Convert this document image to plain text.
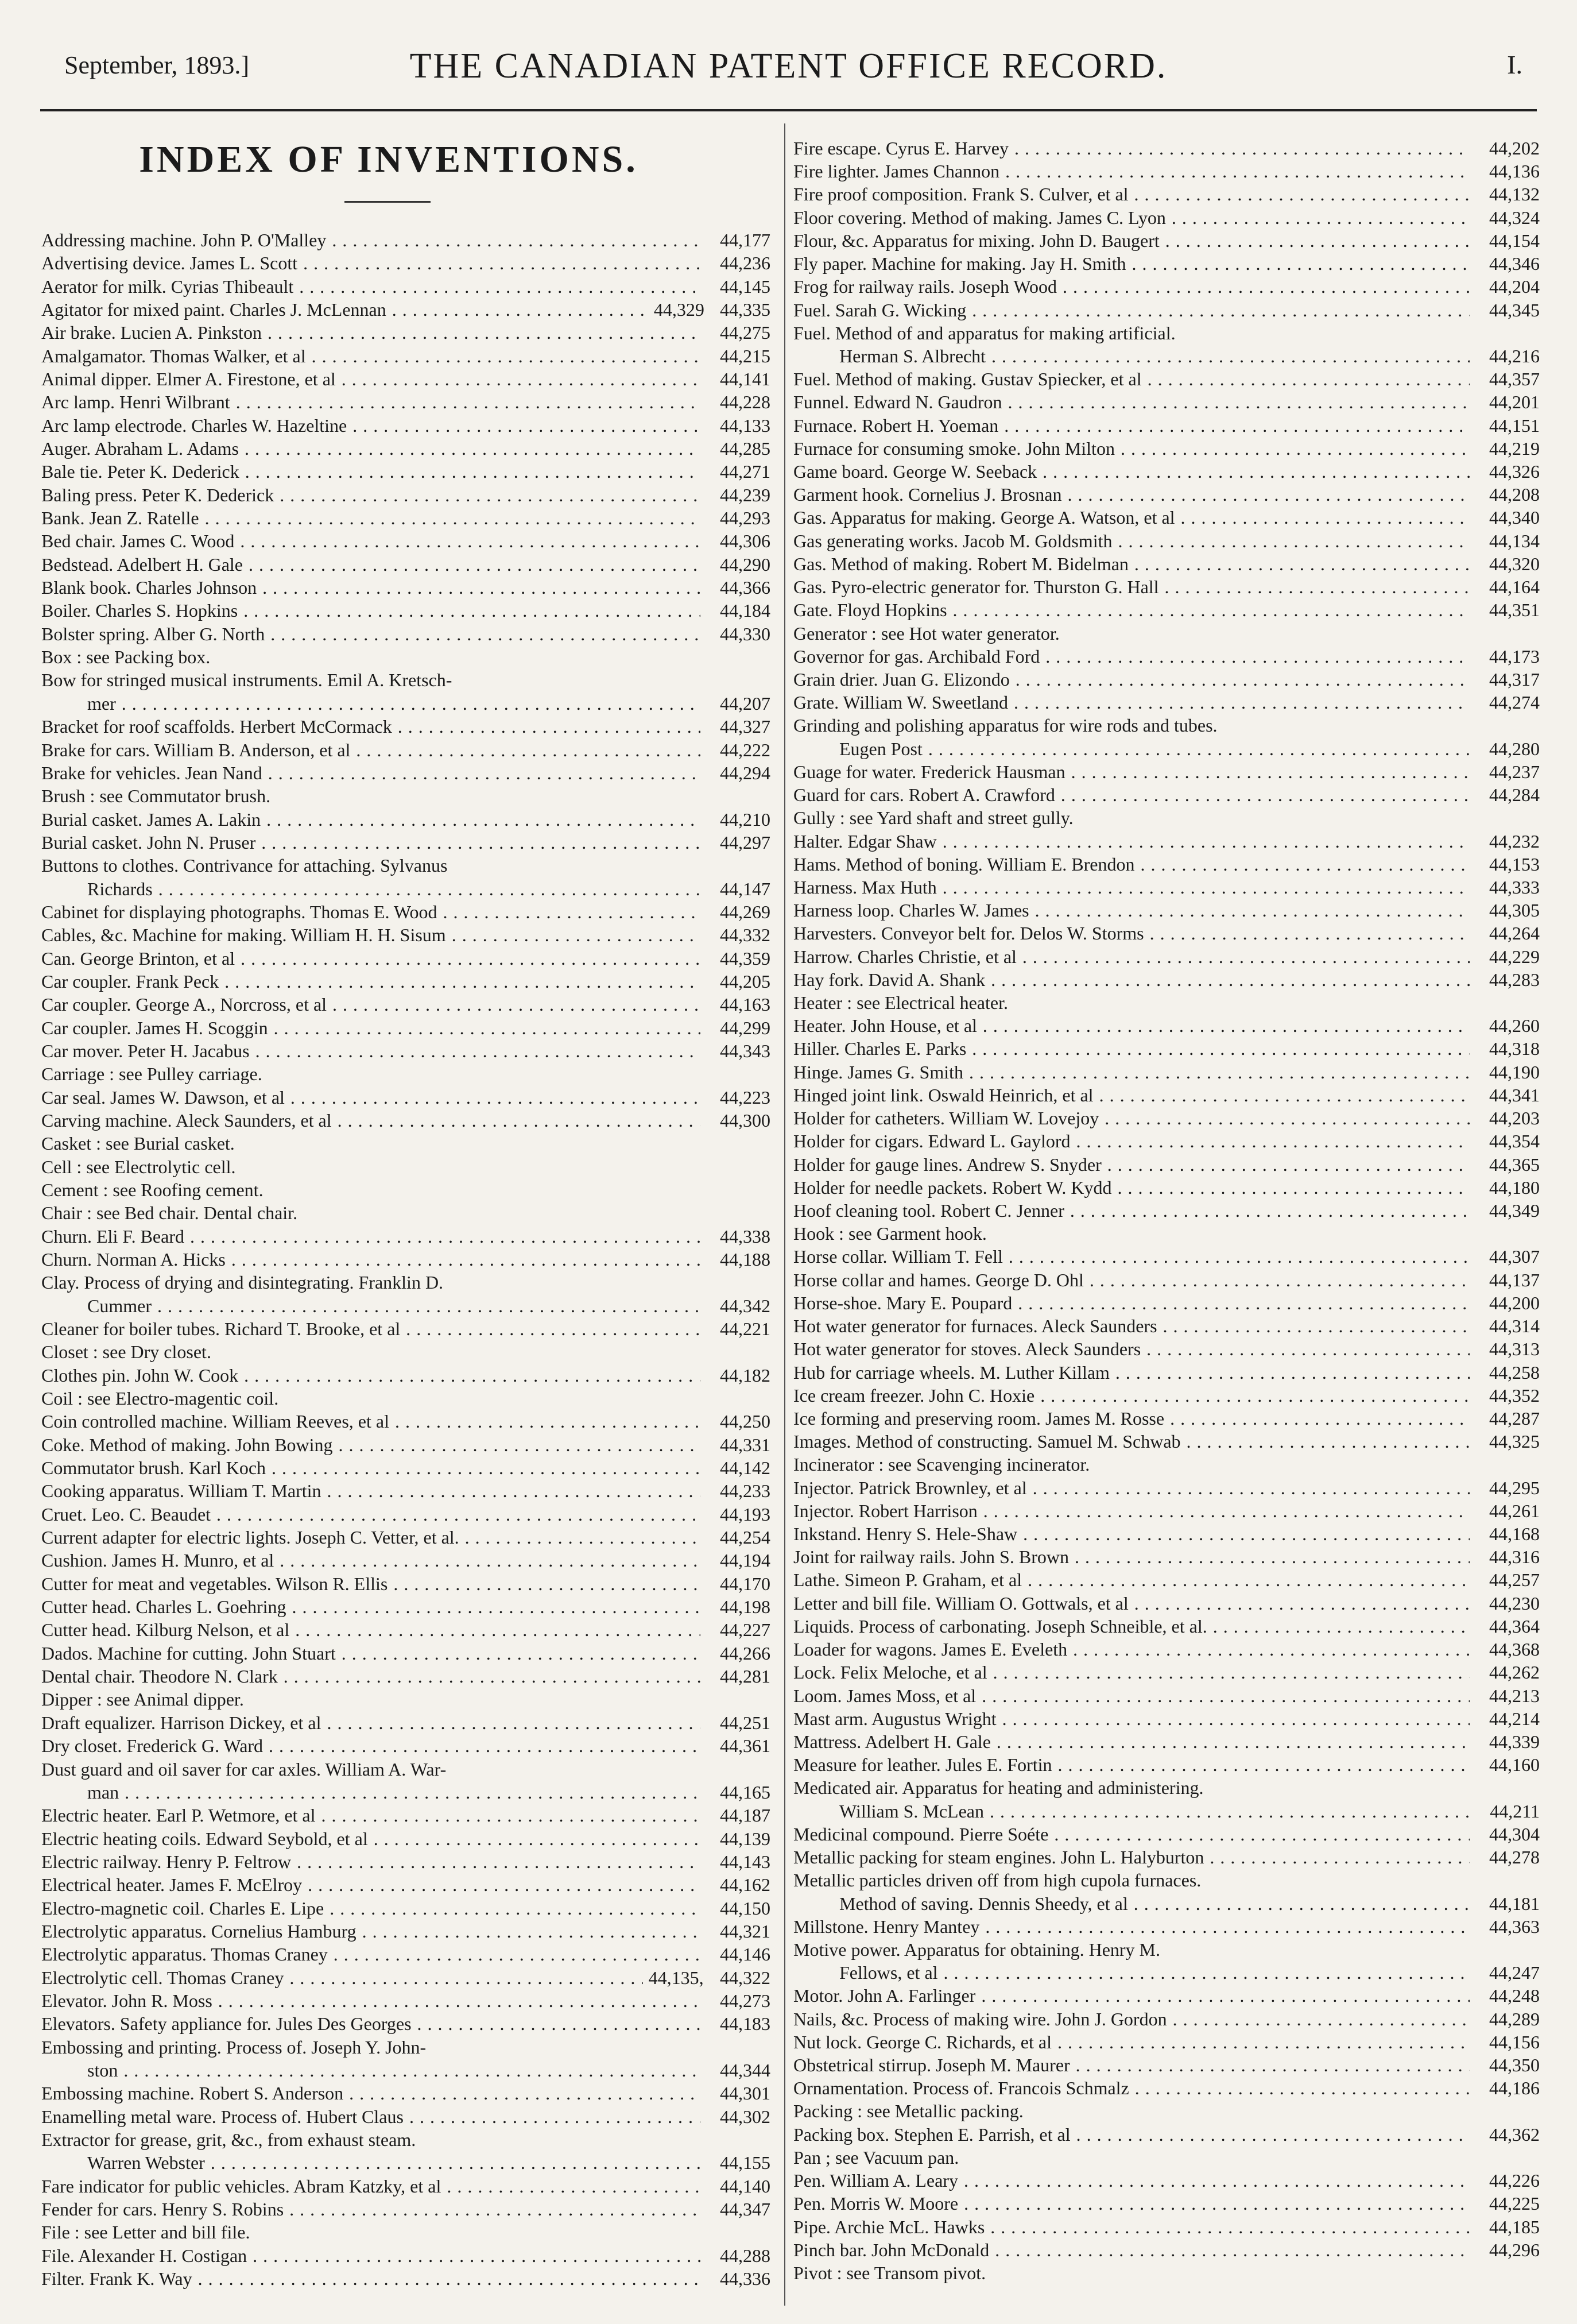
September, 1893.]	THE CANADIAN PATENT OFFICE RECORD.	I.
INDEX OF INVENTIONS.
Addressing machine. John P. O'Malley . . .	44,177
Advertising device. James L. Scott . . .	44,236
Aerator for milk. Cyrias Thibeault . . .	44,145
Agitator for mixed paint. Charles J. McLennan . . .	44,329 44,335
Air brake. Lucien A. Pinkston . . .	44,275
Amalgamator. Thomas Walker, et al . . .	44,215
Animal dipper. Elmer A. Firestone, et al . . .	44,141
Arc lamp. Henri Wilbrant . . .	44,228
Arc lamp electrode. Charles W. Hazeltine . . .	44,133
Auger. Abraham L. Adams . . .	44,285
Bale tie. Peter K. Dederick . . .	44,271
Baling press. Peter K. Dederick . . .	44,239
Bank. Jean Z. Ratelle . . .	44,293
Bed chair. James C. Wood . . .	44,306
Bedstead. Adelbert H. Gale . . .	44,290
Blank book. Charles Johnson . . .	44,366
Boiler. Charles S. Hopkins . . .	44,184
Bolster spring. Alber G. North . . .	44,330
Box : see Packing box.
Bow for stringed musical instruments. Emil A. Kretsch-
mer . . .	44,207
Bracket for roof scaffolds. Herbert McCormack . . .	44,327
Brake for cars. William B. Anderson, et al . . .	44,222
Brake for vehicles. Jean Nand . . .	44,294
Brush : see Commutator brush.
Burial casket. James A. Lakin . . .	44,210
Burial casket. John N. Pruser . . .	44,297
Buttons to clothes. Contrivance for attaching. Sylvanus
Richards . . .	44,147
Cabinet for displaying photographs. Thomas E. Wood . . .	44,269
Cables, &c. Machine for making. William H. H. Sisum . . .	44,332
Can. George Brinton, et al . . .	44,359
Car coupler. Frank Peck . . .	44,205
Car coupler. George A., Norcross, et al . . .	44,163
Car coupler. James H. Scoggin . . .	44,299
Car mover. Peter H. Jacabus . . .	44,343
Carriage : see Pulley carriage.
Car seal. James W. Dawson, et al . . .	44,223
Carving machine. Aleck Saunders, et al . . .	44,300
Casket : see Burial casket.
Cell : see Electrolytic cell.
Cement : see Roofing cement.
Chair : see Bed chair. Dental chair.
Churn. Eli F. Beard . . .	44,338
Churn. Norman A. Hicks . . .	44,188
Clay. Process of drying and disintegrating. Franklin D.
Cummer . . .	44,342
Cleaner for boiler tubes. Richard T. Brooke, et al . . .	44,221
Closet : see Dry closet.
Clothes pin. John W. Cook . . .	44,182
Coil : see Electro-magentic coil.
Coin controlled machine. William Reeves, et al . . .	44,250
Coke. Method of making. John Bowing . . .	44,331
Commutator brush. Karl Koch . . .	44,142
Cooking apparatus. William T. Martin . . .	44,233
Cruet. Leo. C. Beaudet . . .	44,193
Current adapter for electric lights. Joseph C. Vetter, et al. . . .	44,254
Cushion. James H. Munro, et al . . .	44,194
Cutter for meat and vegetables. Wilson R. Ellis . . .	44,170
Cutter head. Charles L. Goehring . . .	44,198
Cutter head. Kilburg Nelson, et al . . .	44,227
Dados. Machine for cutting. John Stuart . . .	44,266
Dental chair. Theodore N. Clark . . .	44,281
Dipper : see Animal dipper.
Draft equalizer. Harrison Dickey, et al . . .	44,251
Dry closet. Frederick G. Ward . . .	44,361
Dust guard and oil saver for car axles. William A. War-
man . . .	44,165
Electric heater. Earl P. Wetmore, et al . . .	44,187
Electric heating coils. Edward Seybold, et al . . .	44,139
Electric railway. Henry P. Feltrow . . .	44,143
Electrical heater. James F. McElroy . . .	44,162
Electro-magnetic coil. Charles E. Lipe . . .	44,150
Electrolytic apparatus. Cornelius Hamburg . . .	44,321
Electrolytic apparatus. Thomas Craney . . .	44,146
Electrolytic cell. Thomas Craney . . .	44,135, 44,322
Elevator. John R. Moss . . .	44,273
Elevators. Safety appliance for. Jules Des Georges . . .	44,183
Embossing and printing. Process of. Joseph Y. John-
ston . . .	44,344
Embossing machine. Robert S. Anderson . . .	44,301
Enamelling metal ware. Process of. Hubert Claus . . .	44,302
Extractor for grease, grit, &c., from exhaust steam.
Warren Webster . . .	44,155
Fare indicator for public vehicles. Abram Katzky, et al . . .	44,140
Fender for cars. Henry S. Robins . . .	44,347
File : see Letter and bill file.
File. Alexander H. Costigan . . .	44,288
Filter. Frank K. Way . . .	44,336
Fire escape. Cyrus E. Harvey . . .	44,202
Fire lighter. James Channon . . .	44,136
Fire proof composition. Frank S. Culver, et al . . .	44,132
Floor covering. Method of making. James C. Lyon . . .	44,324
Flour, &c. Apparatus for mixing. John D. Baugert . . .	44,154
Fly paper. Machine for making. Jay H. Smith . . .	44,346
Frog for railway rails. Joseph Wood . . .	44,204
Fuel. Sarah G. Wicking . . .	44,345
Fuel. Method of and apparatus for making artificial.
Herman S. Albrecht . . .	44,216
Fuel. Method of making. Gustav Spiecker, et al . . .	44,357
Funnel. Edward N. Gaudron . . .	44,201
Furnace. Robert H. Yoeman . . .	44,151
Furnace for consuming smoke. John Milton . . .	44,219
Game board. George W. Seeback . . .	44,326
Garment hook. Cornelius J. Brosnan . . .	44,208
Gas. Apparatus for making. George A. Watson, et al . . .	44,340
Gas generating works. Jacob M. Goldsmith . . .	44,134
Gas. Method of making. Robert M. Bidelman . . .	44,320
Gas. Pyro-electric generator for. Thurston G. Hall . . .	44,164
Gate. Floyd Hopkins . . .	44,351
Generator : see Hot water generator.
Governor for gas. Archibald Ford . . .	44,173
Grain drier. Juan G. Elizondo . . .	44,317
Grate. William W. Sweetland . . .	44,274
Grinding and polishing apparatus for wire rods and tubes.
Eugen Post . . .	44,280
Guage for water. Frederick Hausman . . .	44,237
Guard for cars. Robert A. Crawford . . .	44,284
Gully : see Yard shaft and street gully.
Halter. Edgar Shaw . . .	44,232
Hams. Method of boning. William E. Brendon . . .	44,153
Harness. Max Huth . . .	44,333
Harness loop. Charles W. James . . .	44,305
Harvesters. Conveyor belt for. Delos W. Storms . . .	44,264
Harrow. Charles Christie, et al . . .	44,229
Hay fork. David A. Shank . . .	44,283
Heater : see Electrical heater.
Heater. John House, et al . . .	44,260
Hiller. Charles E. Parks . . .	44,318
Hinge. James G. Smith . . .	44,190
Hinged joint link. Oswald Heinrich, et al . . .	44,341
Holder for catheters. William W. Lovejoy . . .	44,203
Holder for cigars. Edward L. Gaylord . . .	44,354
Holder for gauge lines. Andrew S. Snyder . . .	44,365
Holder for needle packets. Robert W. Kydd . . .	44,180
Hoof cleaning tool. Robert C. Jenner . . .	44,349
Hook : see Garment hook.
Horse collar. William T. Fell . . .	44,307
Horse collar and hames. George D. Ohl . . .	44,137
Horse-shoe. Mary E. Poupard . . .	44,200
Hot water generator for furnaces. Aleck Saunders . . .	44,314
Hot water generator for stoves. Aleck Saunders . . .	44,313
Hub for carriage wheels. M. Luther Killam . . .	44,258
Ice cream freezer. John C. Hoxie . . .	44,352
Ice forming and preserving room. James M. Rosse . . .	44,287
Images. Method of constructing. Samuel M. Schwab . . .	44,325
Incinerator : see Scavenging incinerator.
Injector. Patrick Brownley, et al . . .	44,295
Injector. Robert Harrison . . .	44,261
Inkstand. Henry S. Hele-Shaw . . .	44,168
Joint for railway rails. John S. Brown . . .	44,316
Lathe. Simeon P. Graham, et al . . .	44,257
Letter and bill file. William O. Gottwals, et al . . .	44,230
Liquids. Process of carbonating. Joseph Schneible, et al. . . .	44,364
Loader for wagons. James E. Eveleth . . .	44,368
Lock. Felix Meloche, et al . . .	44,262
Loom. James Moss, et al . . .	44,213
Mast arm. Augustus Wright . . .	44,214
Mattress. Adelbert H. Gale . . .	44,339
Measure for leather. Jules E. Fortin . . .	44,160
Medicated air. Apparatus for heating and administering.
William S. McLean . . .	44,211
Medicinal compound. Pierre Soéte . . .	44,304
Metallic packing for steam engines. John L. Halyburton . . .	44,278
Metallic particles driven off from high cupola furnaces.
Method of saving. Dennis Sheedy, et al . . .	44,181
Millstone. Henry Mantey . . .	44,363
Motive power. Apparatus for obtaining. Henry M.
Fellows, et al . . .	44,247
Motor. John A. Farlinger . . .	44,248
Nails, &c. Process of making wire. John J. Gordon . . .	44,289
Nut lock. George C. Richards, et al . . .	44,156
Obstetrical stirrup. Joseph M. Maurer . . .	44,350
Ornamentation. Process of. Francois Schmalz . . .	44,186
Packing : see Metallic packing.
Packing box. Stephen E. Parrish, et al . . .	44,362
Pan ; see Vacuum pan.
Pen. William A. Leary . . .	44,226
Pen. Morris W. Moore . . .	44,225
Pipe. Archie McL. Hawks . . .	44,185
Pinch bar. John McDonald . . .	44,296
Pivot : see Transom pivot.
